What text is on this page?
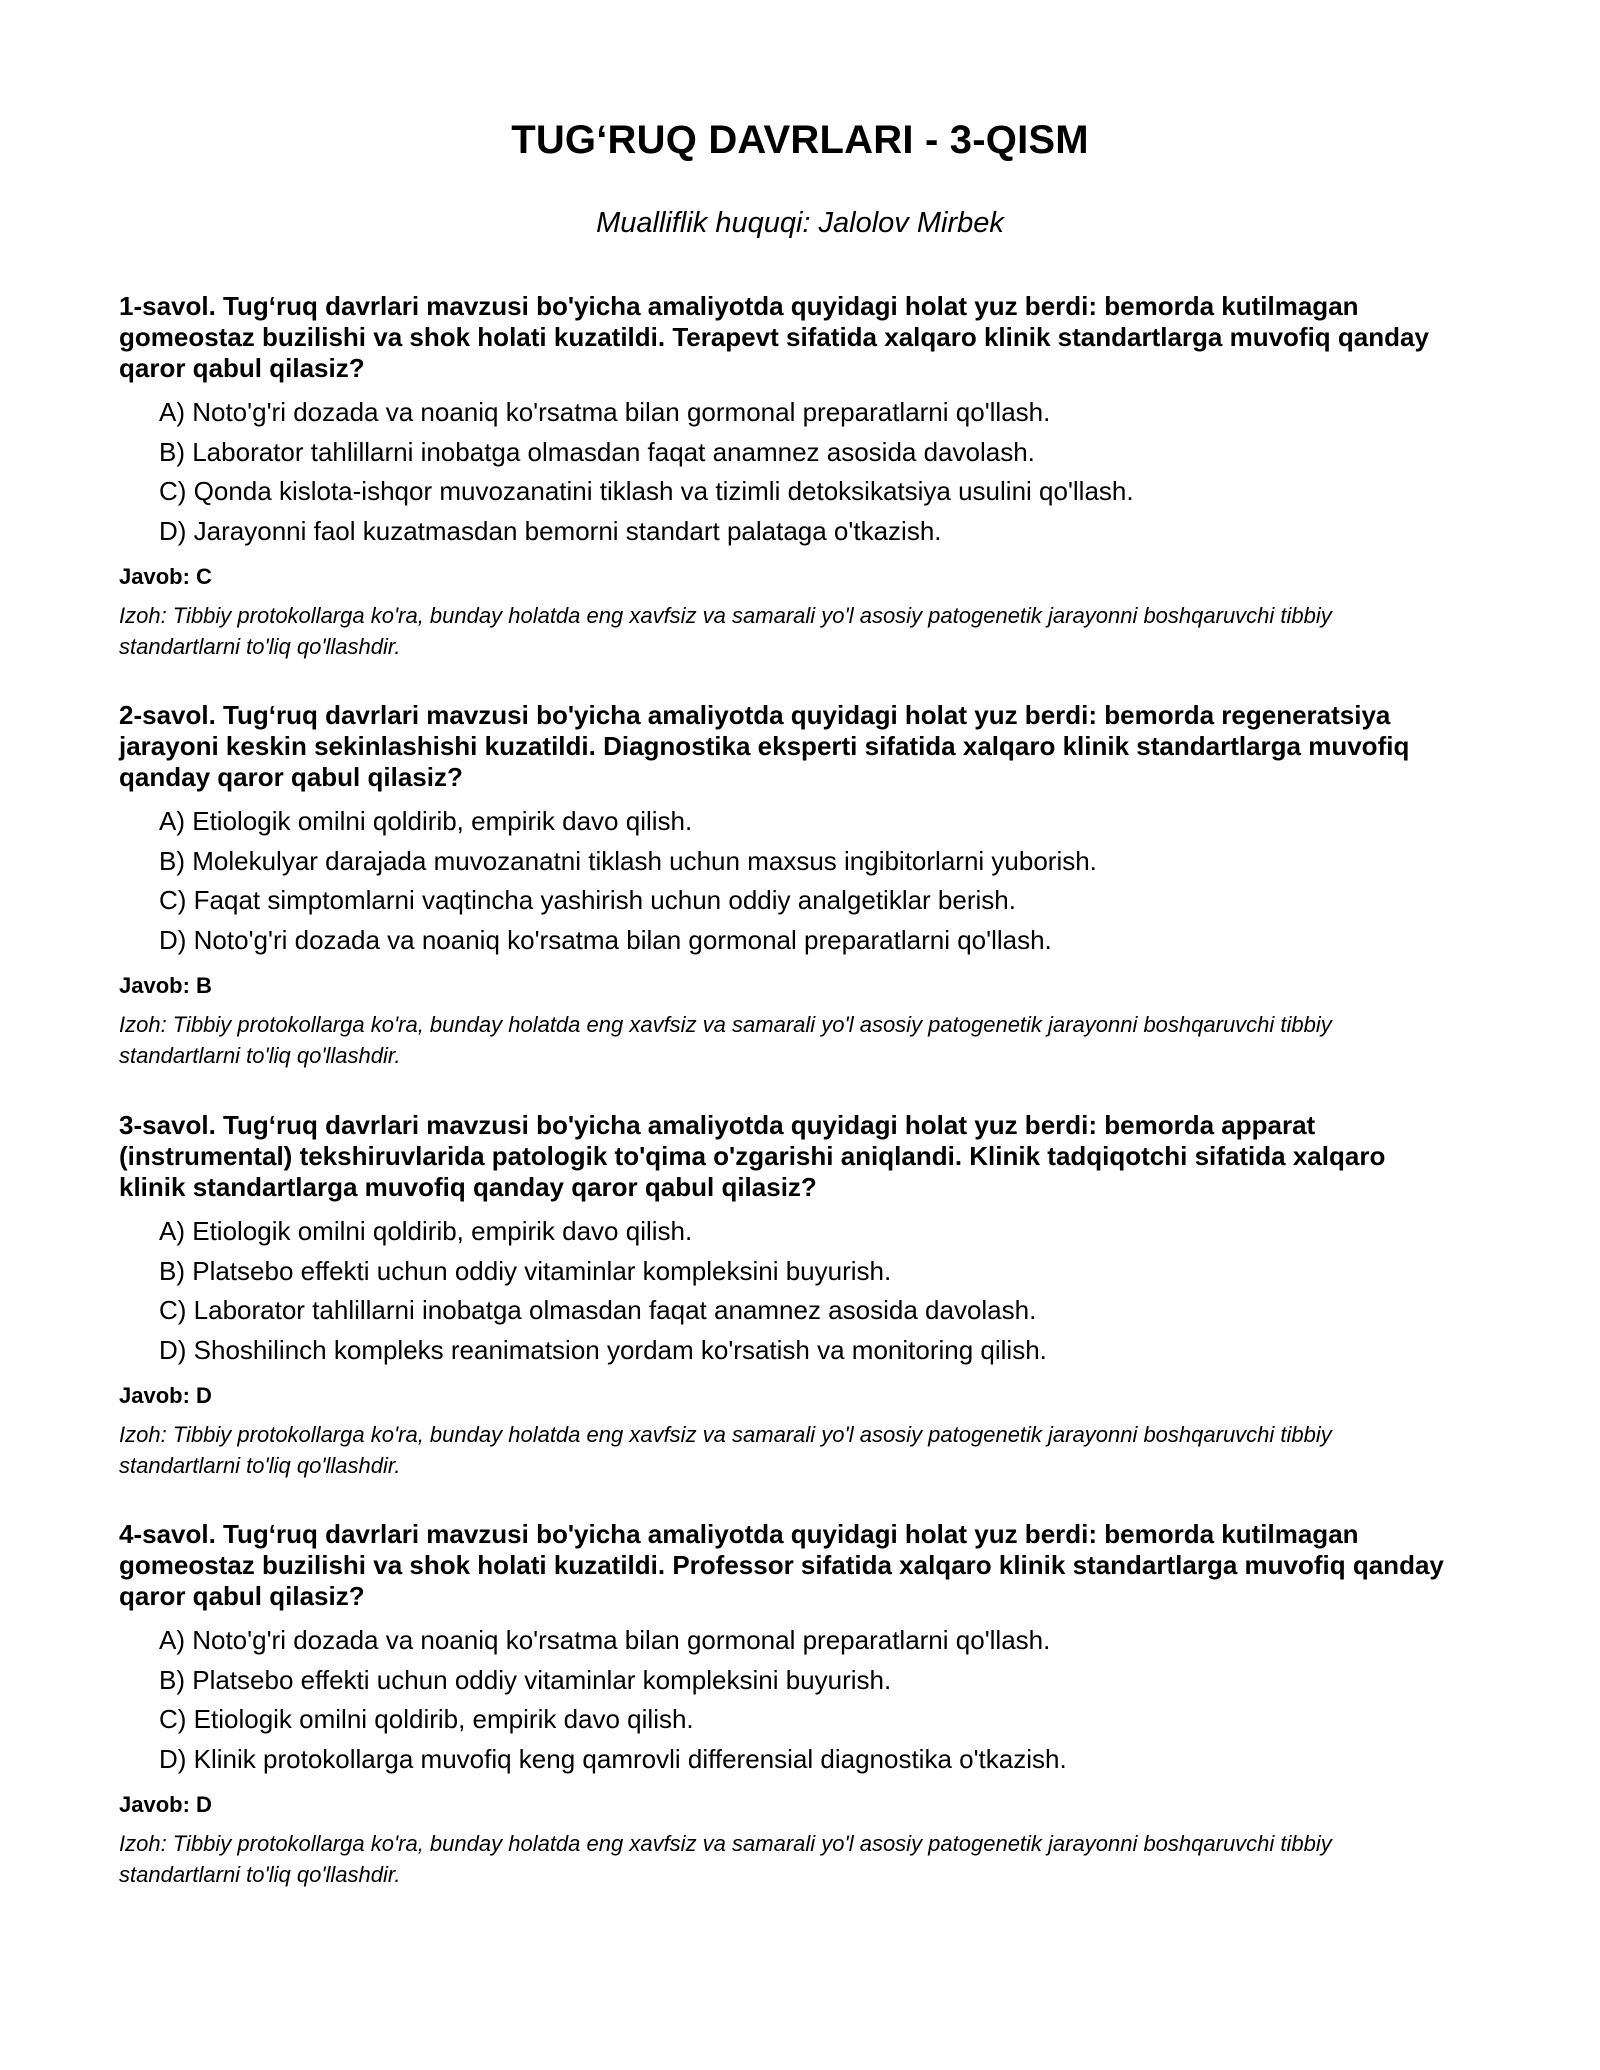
TUG‘RUQ DAVRLARI - 3-QISM
Mualliflik huquqi: Jalolov Mirbek

1-savol. Tug‘ruq davrlari mavzusi bo'yicha amaliyotda quyidagi holat yuz berdi: bemorda kutilmagan gomeostaz buzilishi va shok holati kuzatildi. Terapevt sifatida xalqaro klinik standartlarga muvofiq qanday qaror qabul qilasiz?

A) Noto'g'ri dozada va noaniq ko'rsatma bilan gormonal preparatlarni qo'llash.
B) Laborator tahlillarni inobatga olmasdan faqat anamnez asosida davolash.
C) Qonda kislota-ishqor muvozanatini tiklash va tizimli detoksikatsiya usulini qo'llash.
D) Jarayonni faol kuzatmasdan bemorni standart palataga o'tkazish.
Javob: C
Izoh: Tibbiy protokollarga ko'ra, bunday holatda eng xavfsiz va samarali yo'l asosiy patogenetik jarayonni boshqaruvchi tibbiy standartlarni to'liq qo'llashdir.

2-savol. Tug‘ruq davrlari mavzusi bo'yicha amaliyotda quyidagi holat yuz berdi: bemorda regeneratsiya jarayoni keskin sekinlashishi kuzatildi. Diagnostika eksperti sifatida xalqaro klinik standartlarga muvofiq qanday qaror qabul qilasiz?

A) Etiologik omilni qoldirib, empirik davo qilish.
B) Molekulyar darajada muvozanatni tiklash uchun maxsus ingibitorlarni yuborish.
C) Faqat simptomlarni vaqtincha yashirish uchun oddiy analgetiklar berish.
D) Noto'g'ri dozada va noaniq ko'rsatma bilan gormonal preparatlarni qo'llash.
Javob: B
Izoh: Tibbiy protokollarga ko'ra, bunday holatda eng xavfsiz va samarali yo'l asosiy patogenetik jarayonni boshqaruvchi tibbiy standartlarni to'liq qo'llashdir.

3-savol. Tug‘ruq davrlari mavzusi bo'yicha amaliyotda quyidagi holat yuz berdi: bemorda apparat (instrumental) tekshiruvlarida patologik to'qima o'zgarishi aniqlandi. Klinik tadqiqotchi sifatida xalqaro klinik standartlarga muvofiq qanday qaror qabul qilasiz?

A) Etiologik omilni qoldirib, empirik davo qilish.
B) Platsebo effekti uchun oddiy vitaminlar kompleksini buyurish.
C) Laborator tahlillarni inobatga olmasdan faqat anamnez asosida davolash.
D) Shoshilinch kompleks reanimatsion yordam ko'rsatish va monitoring qilish.
Javob: D
Izoh: Tibbiy protokollarga ko'ra, bunday holatda eng xavfsiz va samarali yo'l asosiy patogenetik jarayonni boshqaruvchi tibbiy standartlarni to'liq qo'llashdir.

4-savol. Tug‘ruq davrlari mavzusi bo'yicha amaliyotda quyidagi holat yuz berdi: bemorda kutilmagan gomeostaz buzilishi va shok holati kuzatildi. Professor sifatida xalqaro klinik standartlarga muvofiq qanday qaror qabul qilasiz?

A) Noto'g'ri dozada va noaniq ko'rsatma bilan gormonal preparatlarni qo'llash.
B) Platsebo effekti uchun oddiy vitaminlar kompleksini buyurish.
C) Etiologik omilni qoldirib, empirik davo qilish.
D) Klinik protokollarga muvofiq keng qamrovli differensial diagnostika o'tkazish.
Javob: D
Izoh: Tibbiy protokollarga ko'ra, bunday holatda eng xavfsiz va samarali yo'l asosiy patogenetik jarayonni boshqaruvchi tibbiy standartlarni to'liq qo'llashdir.
